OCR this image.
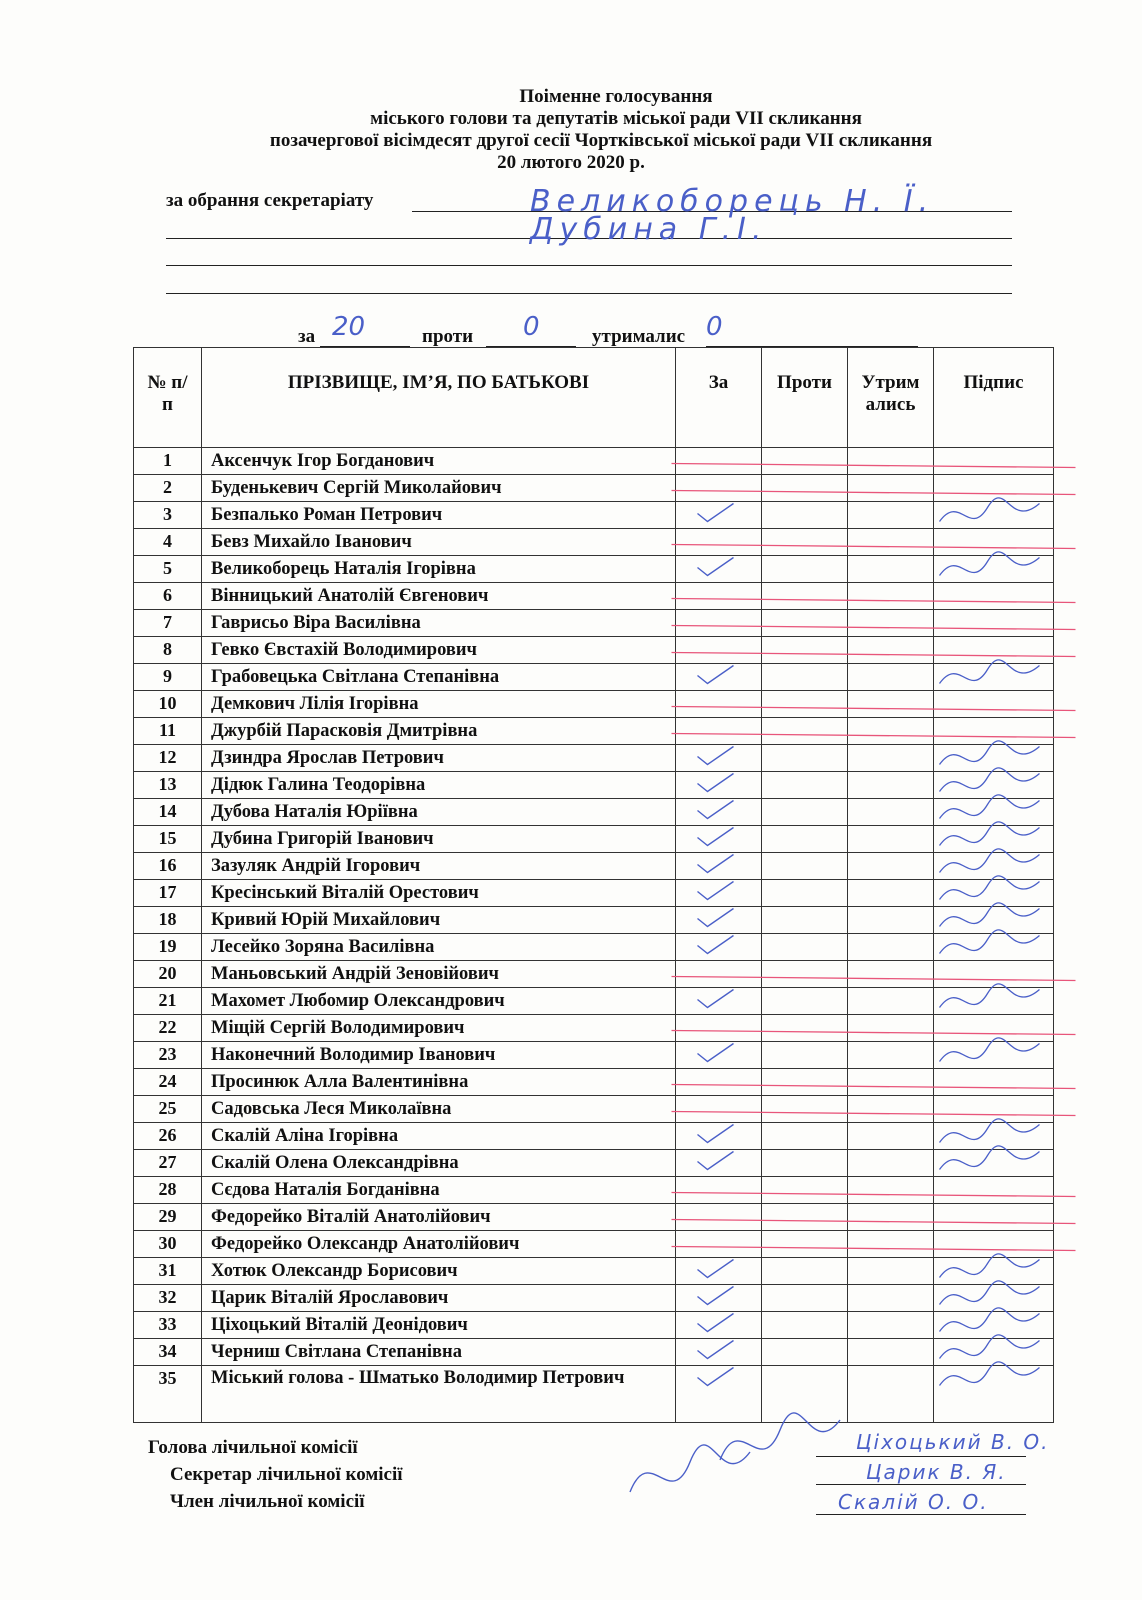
Поіменне голосування
міського голови та депутатів міської ради VII скликання
позачергової вісімдесят другої сесії Чортківської міської ради VII скликання
20 лютого 2020 р.
за обрання секретаріату	Великоборець Н. Ї.
Дубина Г.І.
за 20	проти 0	утрималис 0
№ п/п	ПРІЗВИЩЕ, ІМ’Я, ПО БАТЬКОВІ	За	Проти	Утримались	Підпис
1	Аксенчук Ігор Богданович				
2	Буденькевич Сергій Миколайович				
3	Безпалько Роман Петрович				
4	Бевз Михайло Іванович				
5	Великоборець Наталія Ігорівна				
6	Вінницький Анатолій Євгенович				
7	Гаврисьо Віра Василівна				
8	Гевко Євстахій Володимирович				
9	Грабовецька Світлана Степанівна				
10	Демкович Лілія Ігорівна				
11	Джурбій Парасковія Дмитрівна				
12	Дзиндра Ярослав Петрович				
13	Дідюк Галина Теодорівна				
14	Дубова Наталія Юріївна				
15	Дубина Григорій Іванович				
16	Зазуляк Андрій Ігорович				
17	Кресінський Віталій Орестович				
18	Кривий Юрій Михайлович				
19	Лесейко Зоряна Василівна				
20	Маньовський Андрій Зеновійович				
21	Махомет Любомир Олександрович				
22	Міщій Сергій Володимирович				
23	Наконечний Володимир Іванович				
24	Просинюк Алла Валентинівна				
25	Садовська Леся Миколаївна				
26	Скалій Аліна Ігорівна				
27	Скалій Олена Олександрівна				
28	Сєдова Наталія Богданівна				
29	Федорейко Віталій Анатолійович				
30	Федорейко Олександр Анатолійович				
31	Хотюк Олександр Борисович				
32	Царик Віталій Ярославович				
33	Ціхоцький Віталій Деонідович				
34	Черниш Світлана Степанівна				
35	Міський голова - Шматько Володимир Петрович				
Голова лічильної комісії
Секретар лічильної комісії
Член лічильної комісії
Ціхоцький В. О.
Царик В. Я.
Скалій О. О.
